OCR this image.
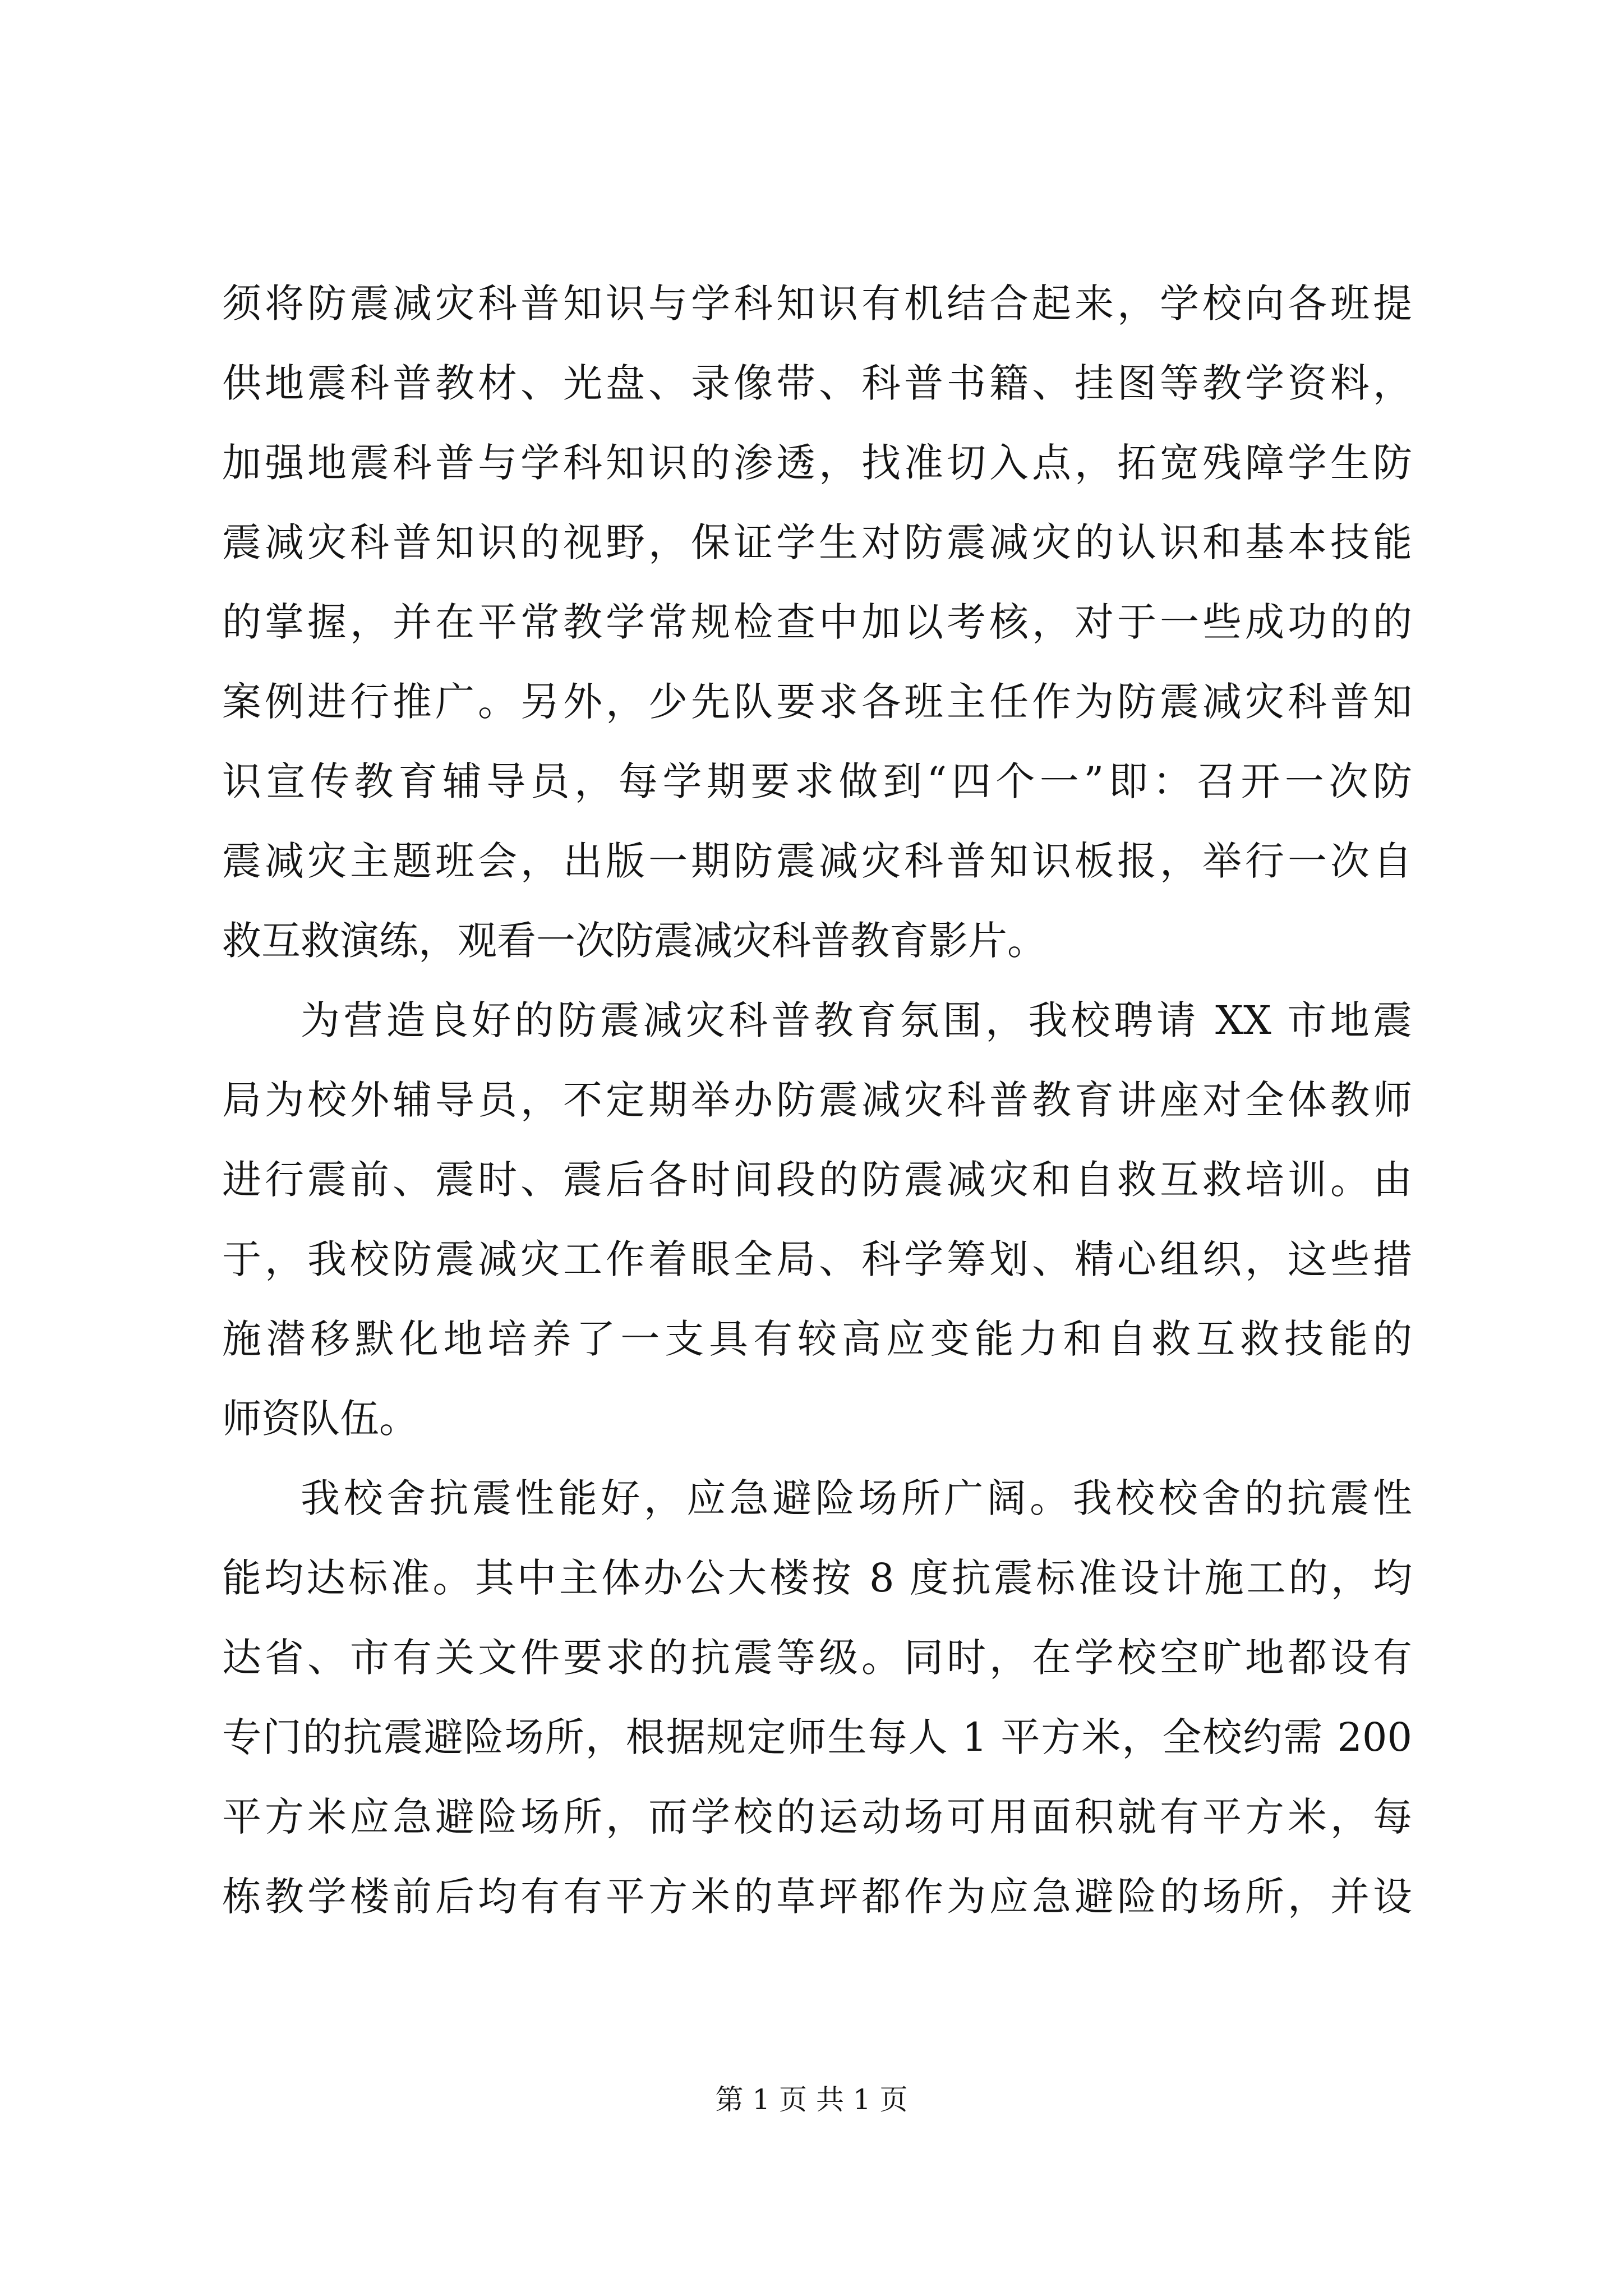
须将防震减灾科普知识与学科知识有机结合起来，学校向各班提
供地震科普教材、光盘、录像带、科普书籍、挂图等教学资料，
加强地震科普与学科知识的渗透，找准切入点，拓宽残障学生防
震减灾科普知识的视野，保证学生对防震减灾的认识和基本技能
的掌握，并在平常教学常规检查中加以考核，对于一些成功的的
案例进行推广。另外，少先队要求各班主任作为防震减灾科普知
识宣传教育辅导员，每学期要求做到“四个一”即：召开一次防
震减灾主题班会，出版一期防震减灾科普知识板报，举行一次自
救互救演练，观看一次防震减灾科普教育影片。
为营造良好的防震减灾科普教育氛围，我校聘请 XX 市地震
局为校外辅导员，不定期举办防震减灾科普教育讲座对全体教师
进行震前、震时、震后各时间段的防震减灾和自救互救培训。由
于，我校防震减灾工作着眼全局、科学筹划、精心组织，这些措
施潜移默化地培养了一支具有较高应变能力和自救互救技能的
师资队伍。
我校舍抗震性能好，应急避险场所广阔。我校校舍的抗震性
能均达标准。其中主体办公大楼按 8 度抗震标准设计施工的，均
达省、市有关文件要求的抗震等级。同时，在学校空旷地都设有
专门的抗震避险场所，根据规定师生每人 1 平方米，全校约需 200
平方米应急避险场所，而学校的运动场可用面积就有平方米，每
栋教学楼前后均有有平方米的草坪都作为应急避险的场所，并设
第 1 页 共 1 页
